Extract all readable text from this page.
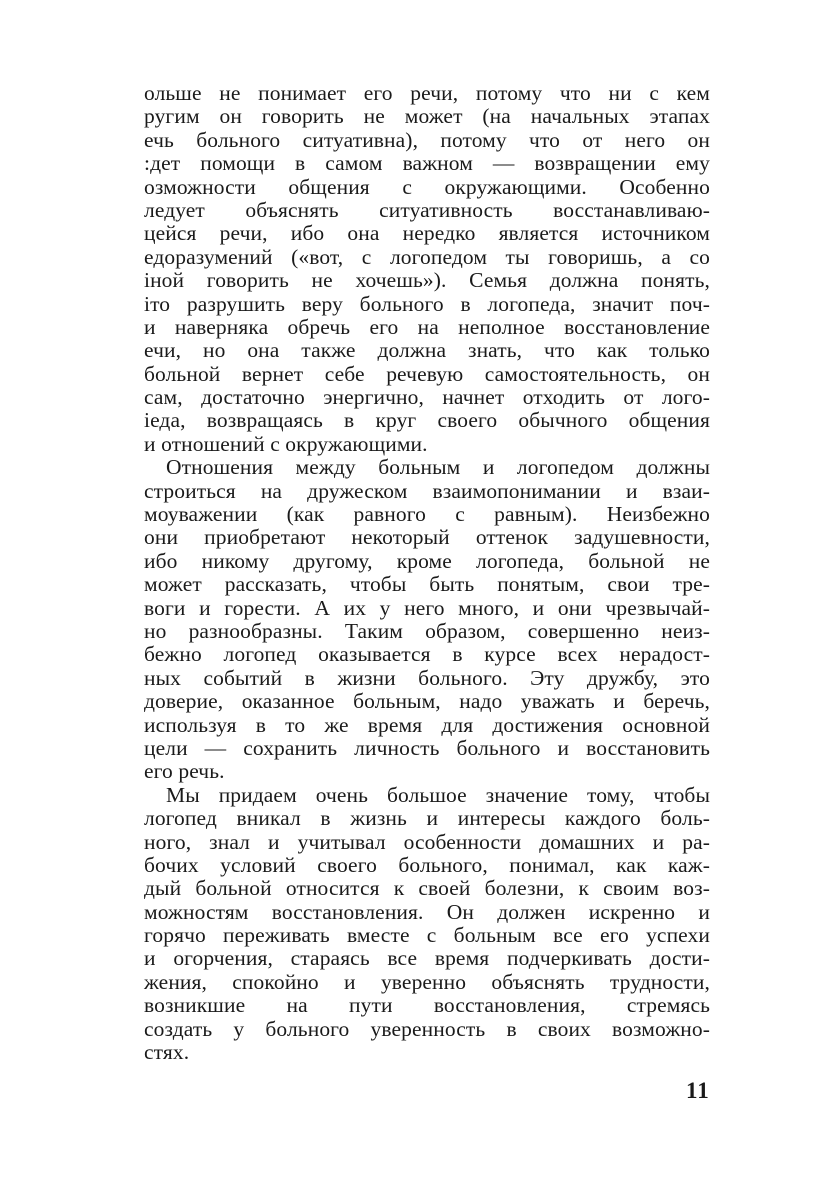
ольше не понимает его речи, потому что ни с кем
ругим он говорить не может (на начальных этапах
ечь больного ситуативна), потому что от него он
:дет помощи в самом важном — возвращении ему
озможности общения с окружающими. Особенно
ледует объяснять ситуативность восстанавливаю-
цейся речи, ибо она нередко является источником
едоразумений («вот, с логопедом ты говоришь, а со
іной говорить не хочешь»). Семья должна понять,
іто разрушить веру больного в логопеда, значит поч-
и наверняка обречь его на неполное восстановление
ечи, но она также должна знать, что как только
больной вернет себе речевую самостоятельность, он
сам, достаточно энергично, начнет отходить от лого-
іеда, возвращаясь в круг своего обычного общения
и отношений с окружающими.

Отношения между больным и логопедом должны
строиться на дружеском взаимопонимании и взаи-
моуважении (как равного с равным). Неизбежно
они приобретают некоторый оттенок задушевности,
ибо никому другому, кроме логопеда, больной не
может рассказать, чтобы быть понятым, свои тре-
воги и горести. А их у него много, и они чрезвычай-
но разнообразны. Таким образом, совершенно неиз-
бежно логопед оказывается в курсе всех нерадост-
ных событий в жизни больного. Эту дружбу, это
доверие, оказанное больным, надо уважать и беречь,
используя в то же время для достижения основной
цели — сохранить личность больного и восстановить
его речь.

Мы придаем очень большое значение тому, чтобы
логопед вникал в жизнь и интересы каждого боль-
ного, знал и учитывал особенности домашних и ра-
бочих условий своего больного, понимал, как каж-
дый больной относится к своей болезни, к своим воз-
можностям восстановления. Он должен искренно и
горячо переживать вместе с больным все его успехи
и огорчения, стараясь все время подчеркивать дости-
жения, спокойно и уверенно объяснять трудности,
возникшие на пути восстановления, стремясь
создать у больного уверенность в своих возможно-
стях.

11
